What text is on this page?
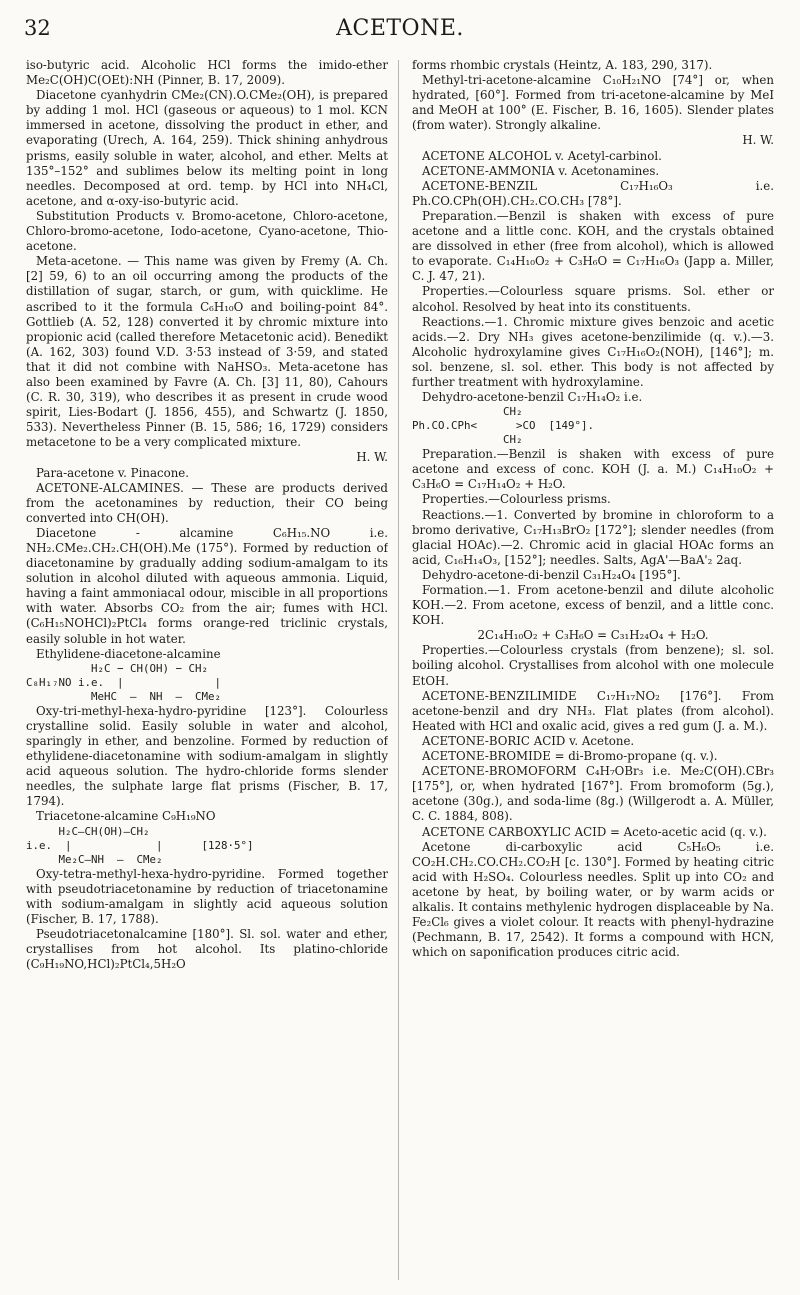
32	ACETONE.

iso-butyric acid. Alcoholic HCl forms the imido-ether Me₂C(OH)C(OEt):NH (Pinner, B. 17, 2009).

Diacetone cyanhydrin CMe₂(CN).O.CMe₂(OH), is prepared by adding 1 mol. HCl (gaseous or aqueous) to 1 mol. KCN immersed in acetone, dissolving the product in ether, and evaporating (Urech, A. 164, 259). Thick shining anhydrous prisms, easily soluble in water, alcohol, and ether. Melts at 135°–152° and sublimes below its melting point in long needles. Decomposed at ord. temp. by HCl into NH₄Cl, acetone, and α-oxy-iso-butyric acid.

Substitution Products v. Bromo-acetone, Chloro-acetone, Chloro-bromo-acetone, Iodo-acetone, Cyano-acetone, Thio-acetone.

Meta-acetone. — This name was given by Fremy (A. Ch. [2] 59, 6) to an oil occurring among the products of the distillation of sugar, starch, or gum, with quicklime. He ascribed to it the formula C₆H₁₀O and boiling-point 84°. Gottlieb (A. 52, 128) converted it by chromic mixture into propionic acid (called therefore Metacetonic acid). Benedikt (A. 162, 303) found V.D. 3·53 instead of 3·59, and stated that it did not combine with NaHSO₃. Meta-acetone has also been examined by Favre (A. Ch. [3] 11, 80), Cahours (C. R. 30, 319), who describes it as present in crude wood spirit, Lies-Bodart (J. 1856, 455), and Schwartz (J. 1850, 533). Nevertheless Pinner (B. 15, 586; 16, 1729) considers metacetone to be a very complicated mixture.

H. W.

Para-acetone v. Pinacone.

ACETONE-ALCAMINES. — These are products derived from the acetonamines by reduction, their CO being converted into CH(OH).

Diacetone - alcamine C₆H₁₅.NO i.e. NH₂.CMe₂.CH₂.CH(OH).Me (175°). Formed by reduction of diacetonamine by gradually adding sodium-amalgam to its solution in alcohol diluted with aqueous ammonia. Liquid, having a faint ammoniacal odour, miscible in all proportions with water. Absorbs CO₂ from the air; fumes with HCl. (C₆H₁₅NOHCl)₂PtCl₄ forms orange-red triclinic crystals, easily soluble in hot water.

Ethylidene-diacetone-alcamine

H₂C − CH(OH) − CH₂
C₈H₁₇NO i.e.  |              |
MeHC  —  NH  —  CMe₂

Oxy-tri-methyl-hexa-hydro-pyridine [123°]. Colourless crystalline solid. Easily soluble in water and alcohol, sparingly in ether, and benzoline. Formed by reduction of ethylidene-diacetonamine with sodium-amalgam in slightly acid aqueous solution. The hydro-chloride forms slender needles, the sulphate large flat prisms (Fischer, B. 17, 1794).

Triacetone-alcamine C₉H₁₉NO

H₂C—CH(OH)—CH₂
i.e.  |             |      [128·5°]
Me₂C—NH  —  CMe₂

Oxy-tetra-methyl-hexa-hydro-pyridine. Formed together with pseudotriacetonamine by reduction of triacetonamine with sodium-amalgam in slightly acid aqueous solution (Fischer, B. 17, 1788).

Pseudotriacetonalcamine [180°]. Sl. sol. water and ether, crystallises from hot alcohol. Its platino-chloride (C₉H₁₉NO,HCl)₂PtCl₄,5H₂O

forms rhombic crystals (Heintz, A. 183, 290, 317).

Methyl-tri-acetone-alcamine C₁₀H₂₁NO [74°] or, when hydrated, [60°]. Formed from tri-acetone-alcamine by MeI and MeOH at 100° (E. Fischer, B. 16, 1605). Slender plates (from water). Strongly alkaline.

H. W.

ACETONE ALCOHOL v. Acetyl-carbinol.

ACETONE-AMMONIA v. Acetonamines.

ACETONE-BENZIL C₁₇H₁₆O₃ i.e. Ph.CO.CPh(OH).CH₂.CO.CH₃ [78°].

Preparation.—Benzil is shaken with excess of pure acetone and a little conc. KOH, and the crystals obtained are dissolved in ether (free from alcohol), which is allowed to evaporate. C₁₄H₁₀O₂ + C₃H₆O = C₁₇H₁₆O₃ (Japp a. Miller, C. J. 47, 21).

Properties.—Colourless square prisms. Sol. ether or alcohol. Resolved by heat into its constituents.

Reactions.—1. Chromic mixture gives benzoic and acetic acids.—2. Dry NH₃ gives acetone-benzilimide (q. v.).—3. Alcoholic hydroxylamine gives C₁₇H₁₆O₂(NOH), [146°]; m. sol. benzene, sl. sol. ether. This body is not affected by further treatment with hydroxylamine.

Dehydro-acetone-benzil C₁₇H₁₄O₂ i.e.

CH₂
Ph.CO.CPh<      >CO  [149°].
CH₂

Preparation.—Benzil is shaken with excess of pure acetone and excess of conc. KOH (J. a. M.) C₁₄H₁₀O₂ + C₃H₆O = C₁₇H₁₄O₂ + H₂O.

Properties.—Colourless prisms.

Reactions.—1. Converted by bromine in chloroform to a bromo derivative, C₁₇H₁₃BrO₂ [172°]; slender needles (from glacial HOAc).—2. Chromic acid in glacial HOAc forms an acid, C₁₆H₁₄O₃, [152°]; needles. Salts, AgA'—BaA'₂ 2aq.

Dehydro-acetone-di-benzil C₃₁H₂₄O₄ [195°].

Formation.—1. From acetone-benzil and dilute alcoholic KOH.—2. From acetone, excess of benzil, and a little conc. KOH.

2C₁₄H₁₀O₂ + C₃H₆O = C₃₁H₂₄O₄ + H₂O.

Properties.—Colourless crystals (from benzene); sl. sol. boiling alcohol. Crystallises from alcohol with one molecule EtOH.

ACETONE-BENZILIMIDE C₁₇H₁₇NO₂ [176°]. From acetone-benzil and dry NH₃. Flat plates (from alcohol). Heated with HCl and oxalic acid, gives a red gum (J. a. M.).

ACETONE-BORIC ACID v. Acetone.

ACETONE-BROMIDE = di-Bromo-propane (q. v.).

ACETONE-BROMOFORM C₄H₇OBr₃ i.e. Me₂C(OH).CBr₃ [175°], or, when hydrated [167°]. From bromoform (5g.), acetone (30g.), and soda-lime (8g.) (Willgerodt a. A. Müller, C. C. 1884, 808).

ACETONE CARBOXYLIC ACID = Aceto-acetic acid (q. v.).

Acetone di-carboxylic acid C₅H₆O₅ i.e. CO₂H.CH₂.CO.CH₂.CO₂H [c. 130°]. Formed by heating citric acid with H₂SO₄. Colourless needles. Split up into CO₂ and acetone by heat, by boiling water, or by warm acids or alkalis. It contains methylenic hydrogen displaceable by Na. Fe₂Cl₆ gives a violet colour. It reacts with phenyl-hydrazine (Pechmann, B. 17, 2542). It forms a compound with HCN, which on saponification produces citric acid.
